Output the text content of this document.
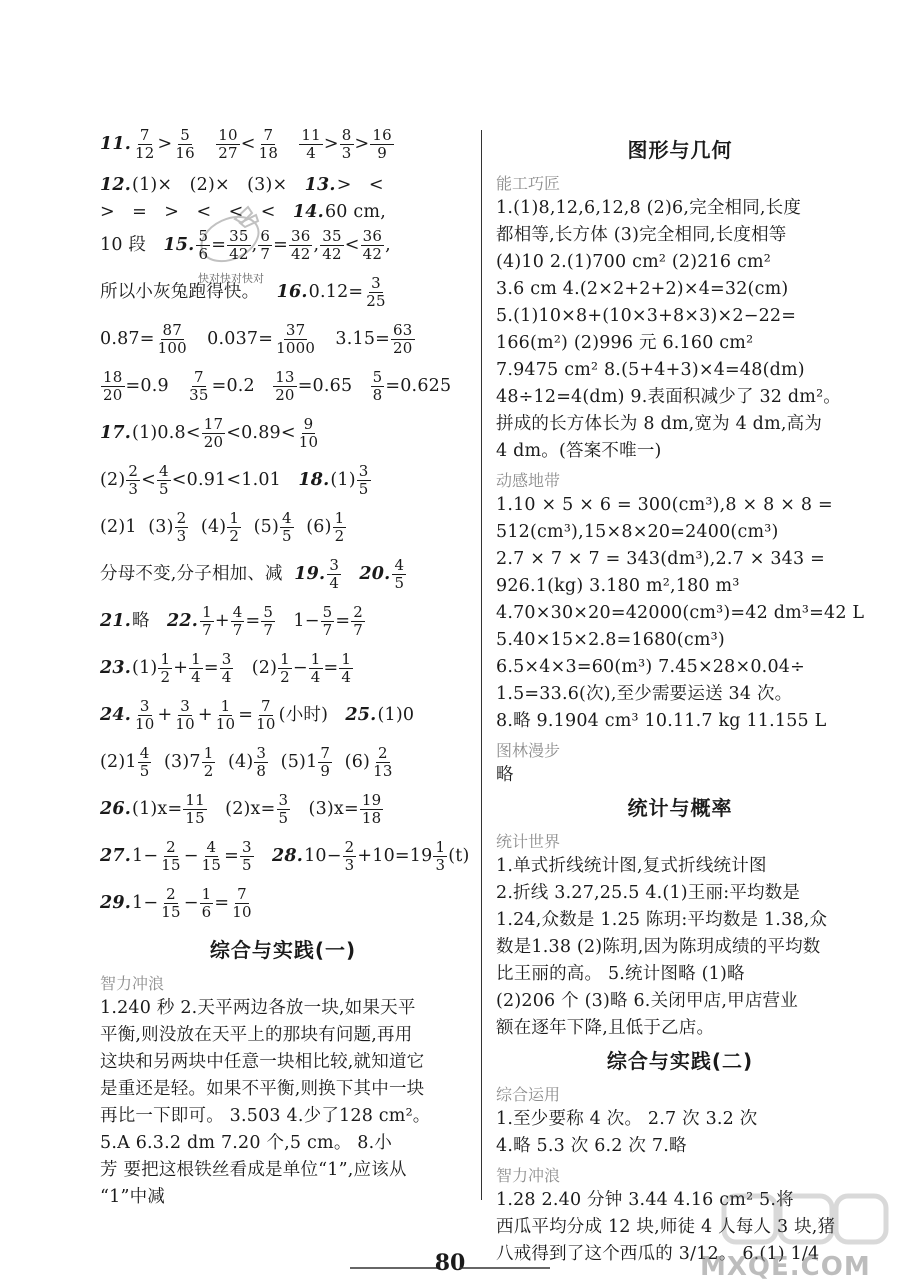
快对快对快对
11. $\frac{7}{12} > \frac{5}{16}$
$\frac{10}{27} < \frac{7}{18}$
$\frac{11}{4} > \frac{8}{3} > \frac{16}{9}$
12.(1)×   (2)×   (3)×   13.>   <
>   =   >   <   <   <   14.60 cm,
10 段   15. $\frac{5}{6} = \frac{35}{42}$ , $\frac{6}{7} = \frac{36}{42}$ , $\frac{35}{42} < \frac{36}{42}$ ,
所以小灰兔跑得快。   $16.0.12= \frac{3}{25}$
$0.87= \frac{87}{100} 0.037= \frac{37}{1000} 3.15= \frac{63}{20}$
$\frac{18}{20} =0.9 \frac{7}{35} =0.2 \frac{13}{20} =0.65 \frac{5}{8} =0.625$
$17.(1)0.8< \frac{17}{20} <0.89< \frac{9}{10}$
$(2) \frac{2}{3} < \frac{4}{5} <0.91<1.01$   $18.(1) \frac{3}{5}$
(2)1  $(3) \frac{2}{3} (4) \frac{1}{2} (5) \frac{4}{5} (6) \frac{1}{2}$
分母不变,分子相加、减  19. $\frac{3}{4} 20$. $\frac{4}{5}$
21.略   22. $\frac{1}{7} + \frac{4}{7} = \frac{5}{7} 1- \frac{5}{7} = \frac{2}{7}$
$23.(1) \frac{1}{2} + \frac{1}{4} = \frac{3}{4} (2) \frac{1}{2} - \frac{1}{4} = \frac{1}{4}$
24. $\frac{3}{10} + \frac{3}{10} + \frac{1}{10} = \frac{7}{10}$ (小时)   25.(1)0
$(2)1 \frac{4}{5} (3)7 \frac{1}{2} (4) \frac{3}{8} (5)1 \frac{7}{9} (6) \frac{2}{13}$
$26.(1)x= \frac{11}{15} (2)x= \frac{3}{5} (3)x= \frac{19}{18}$
$27.1- \frac{2}{15} - \frac{4}{15} = \frac{3}{5} 28.10- \frac{2}{3} +10=19 \frac{1}{3} (t)$
$29.1- \frac{2}{15} - \frac{1}{6} = \frac{7}{10}$
综合与实践(一)
智力冲浪
1.240 秒 2.天平两边各放一块,如果天平
平衡,则没放在天平上的那块有问题,再用
这块和另两块中任意一块相比较,就知道它
是重还是轻。如果不平衡,则换下其中一块
再比一下即可。 3.503 4.少了128 cm²。
5.A 6.3.2 dm 7.20 个,5 cm。 8.小
芳 要把这根铁丝看成是单位“1”,应该从
“1”中减
图形与几何
能工巧匠
1.(1)8,12,6,12,8 (2)6,完全相同,长度
都相等,长方体 (3)完全相同,长度相等
(4)10 2.(1)700 cm² (2)216 cm²
3.6 cm 4.(2×2+2+2)×4=32(cm)
5.(1)10×8+(10×3+8×3)×2−22=
166(m²) (2)996 元 6.160 cm²
7.9475 cm² 8.(5+4+3)×4=48(dm)
48÷12=4(dm) 9.表面积减少了 32 dm²。
拼成的长方体长为 8 dm,宽为 4 dm,高为
4 dm。(答案不唯一)
动感地带
1.10 × 5 × 6 = 300(cm³),8 × 8 × 8 =
512(cm³),15×8×20=2400(cm³)
2.7 × 7 × 7 = 343(dm³),2.7 × 343 =
926.1(kg) 3.180 m²,180 m³
4.70×30×20=42000(cm³)=42 dm³=42 L
5.40×15×2.8=1680(cm³)
6.5×4×3=60(m³) 7.45×28×0.04÷
1.5=33.6(次),至少需要运送 34 次。
8.略 9.1904 cm³ 10.11.7 kg 11.155 L
图林漫步
略
统计与概率
统计世界
1.单式折线统计图,复式折线统计图
2.折线 3.27,25.5 4.(1)王丽:平均数是
1.24,众数是 1.25 陈玥:平均数是 1.38,众
数是1.38 (2)陈玥,因为陈玥成绩的平均数
比王丽的高。 5.统计图略 (1)略
(2)206 个 (3)略 6.关闭甲店,甲店营业
额在逐年下降,且低于乙店。
综合与实践(二)
综合运用
1.至少要称 4 次。 2.7 次 3.2 次
4.略 5.3 次 6.2 次 7.略
智力冲浪
1.28 2.40 分钟 3.44 4.16 cm² 5.将
西瓜平均分成 12 块,师徒 4 人每人 3 块,猪
八戒得到了这个西瓜的 3/12。 6.(1) 1/4
MXQE.COM
80
